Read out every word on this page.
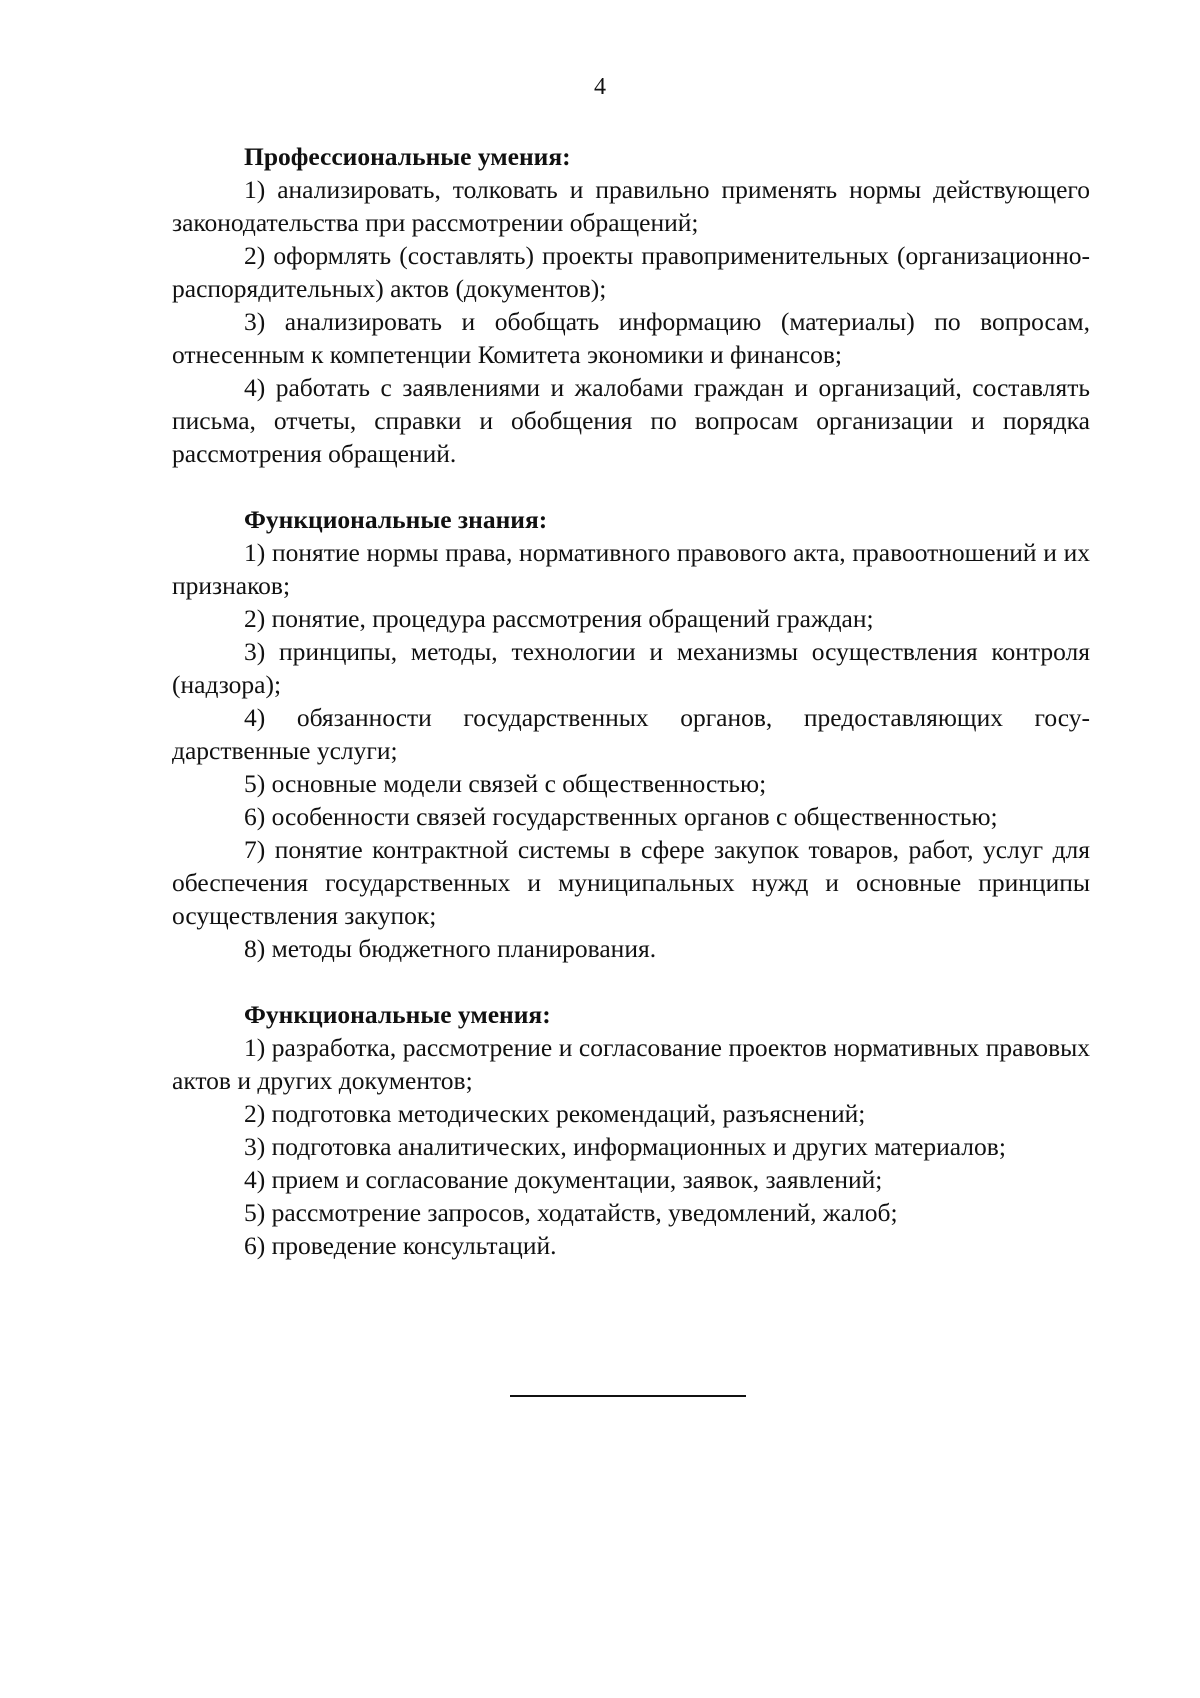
4

Профессиональные умения:

1) анализировать, толковать и правильно применять нормы действующего законодательства при рассмотрении обращений;

2) оформлять (составлять) проекты правоприменительных (организационно-распорядительных) актов (документов);

3) анализировать и обобщать информацию (материалы) по вопросам, отнесенным к компетенции Комитета экономики и финансов;

4) работать с заявлениями и жалобами граждан и организаций, составлять письма, отчеты, справки и обобщения по вопросам организации и порядка рассмотрения обращений.

Функциональные знания:

1) понятие нормы права, нормативного правового акта, правоотношений и их признаков;

2) понятие, процедура рассмотрения обращений граждан;

3) принципы, методы, технологии и механизмы осуществления контроля (надзора);

4) обязанности государственных органов, предоставляющих государственные услуги;

5) основные модели связей с общественностью;

6) особенности связей государственных органов с общественностью;

7) понятие контрактной системы в сфере закупок товаров, работ, услуг для обеспечения государственных и муниципальных нужд и основные принципы осуществления закупок;

8) методы бюджетного планирования.

Функциональные умения:

1) разработка, рассмотрение и согласование проектов нормативных правовых актов и других документов;

2) подготовка методических рекомендаций, разъяснений;

3) подготовка аналитических, информационных и других материалов;

4) прием и согласование документации, заявок, заявлений;

5) рассмотрение запросов, ходатайств, уведомлений, жалоб;

6) проведение консультаций.
